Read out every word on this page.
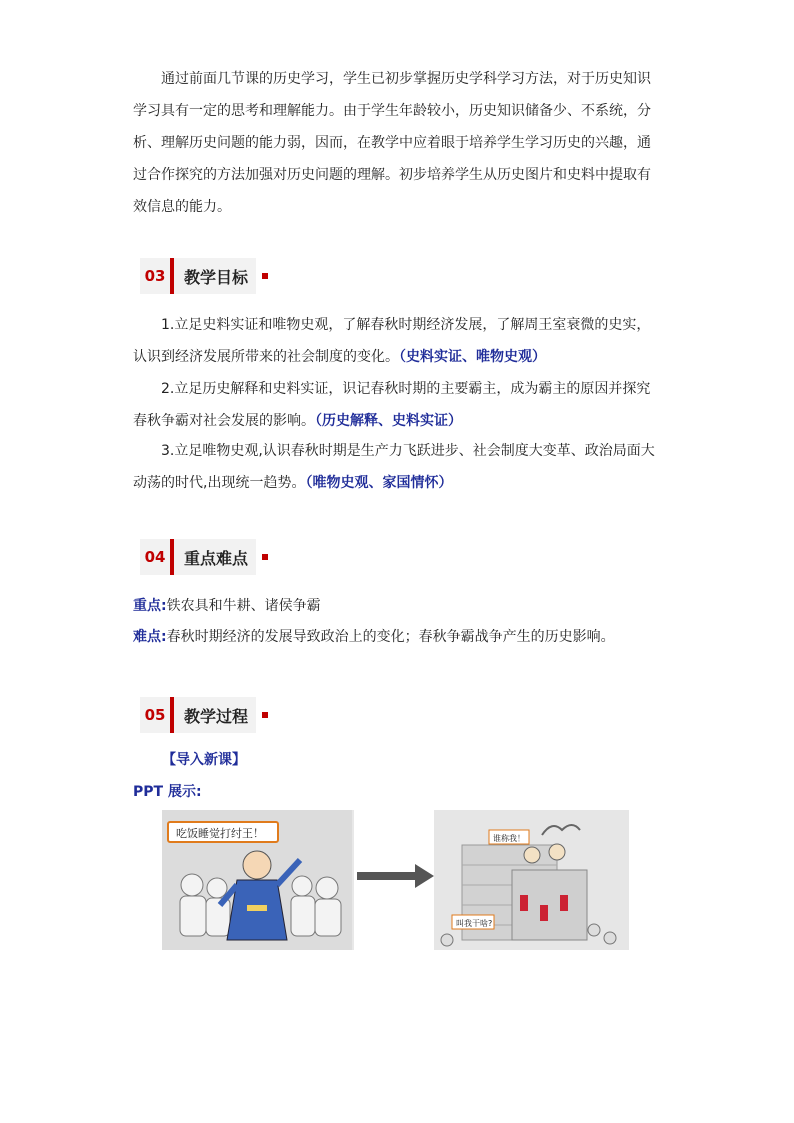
通过前面几节课的历史学习，学生已初步掌握历史学科学习方法，对于历史知识学习具有一定的思考和理解能力。由于学生年龄较小，历史知识储备少、不系统，分析、理解历史问题的能力弱，因而，在教学中应着眼于培养学生学习历史的兴趣，通过合作探究的方法加强对历史问题的理解。初步培养学生从历史图片和史料中提取有效信息的能力。

03	教学目标

1.立足史料实证和唯物史观，了解春秋时期经济发展，了解周王室衰微的史实，认识到经济发展所带来的社会制度的变化。（史料实证、唯物史观）

2.立足历史解释和史料实证，识记春秋时期的主要霸主，成为霸主的原因并探究春秋争霸对社会发展的影响。（历史解释、史料实证）

3.立足唯物史观,认识春秋时期是生产力飞跃进步、社会制度大变革、政治局面大动荡的时代,出现统一趋势。（唯物史观、家国情怀）

04	重点难点

重点:铁农具和牛耕、诸侯争霸

难点:春秋时期经济的发展导致政治上的变化；春秋争霸战争产生的历史影响。

05	教学过程

【导入新课】

PPT 展示:

吃饭睡觉打纣王！	谁称我！
叫我干啥?
